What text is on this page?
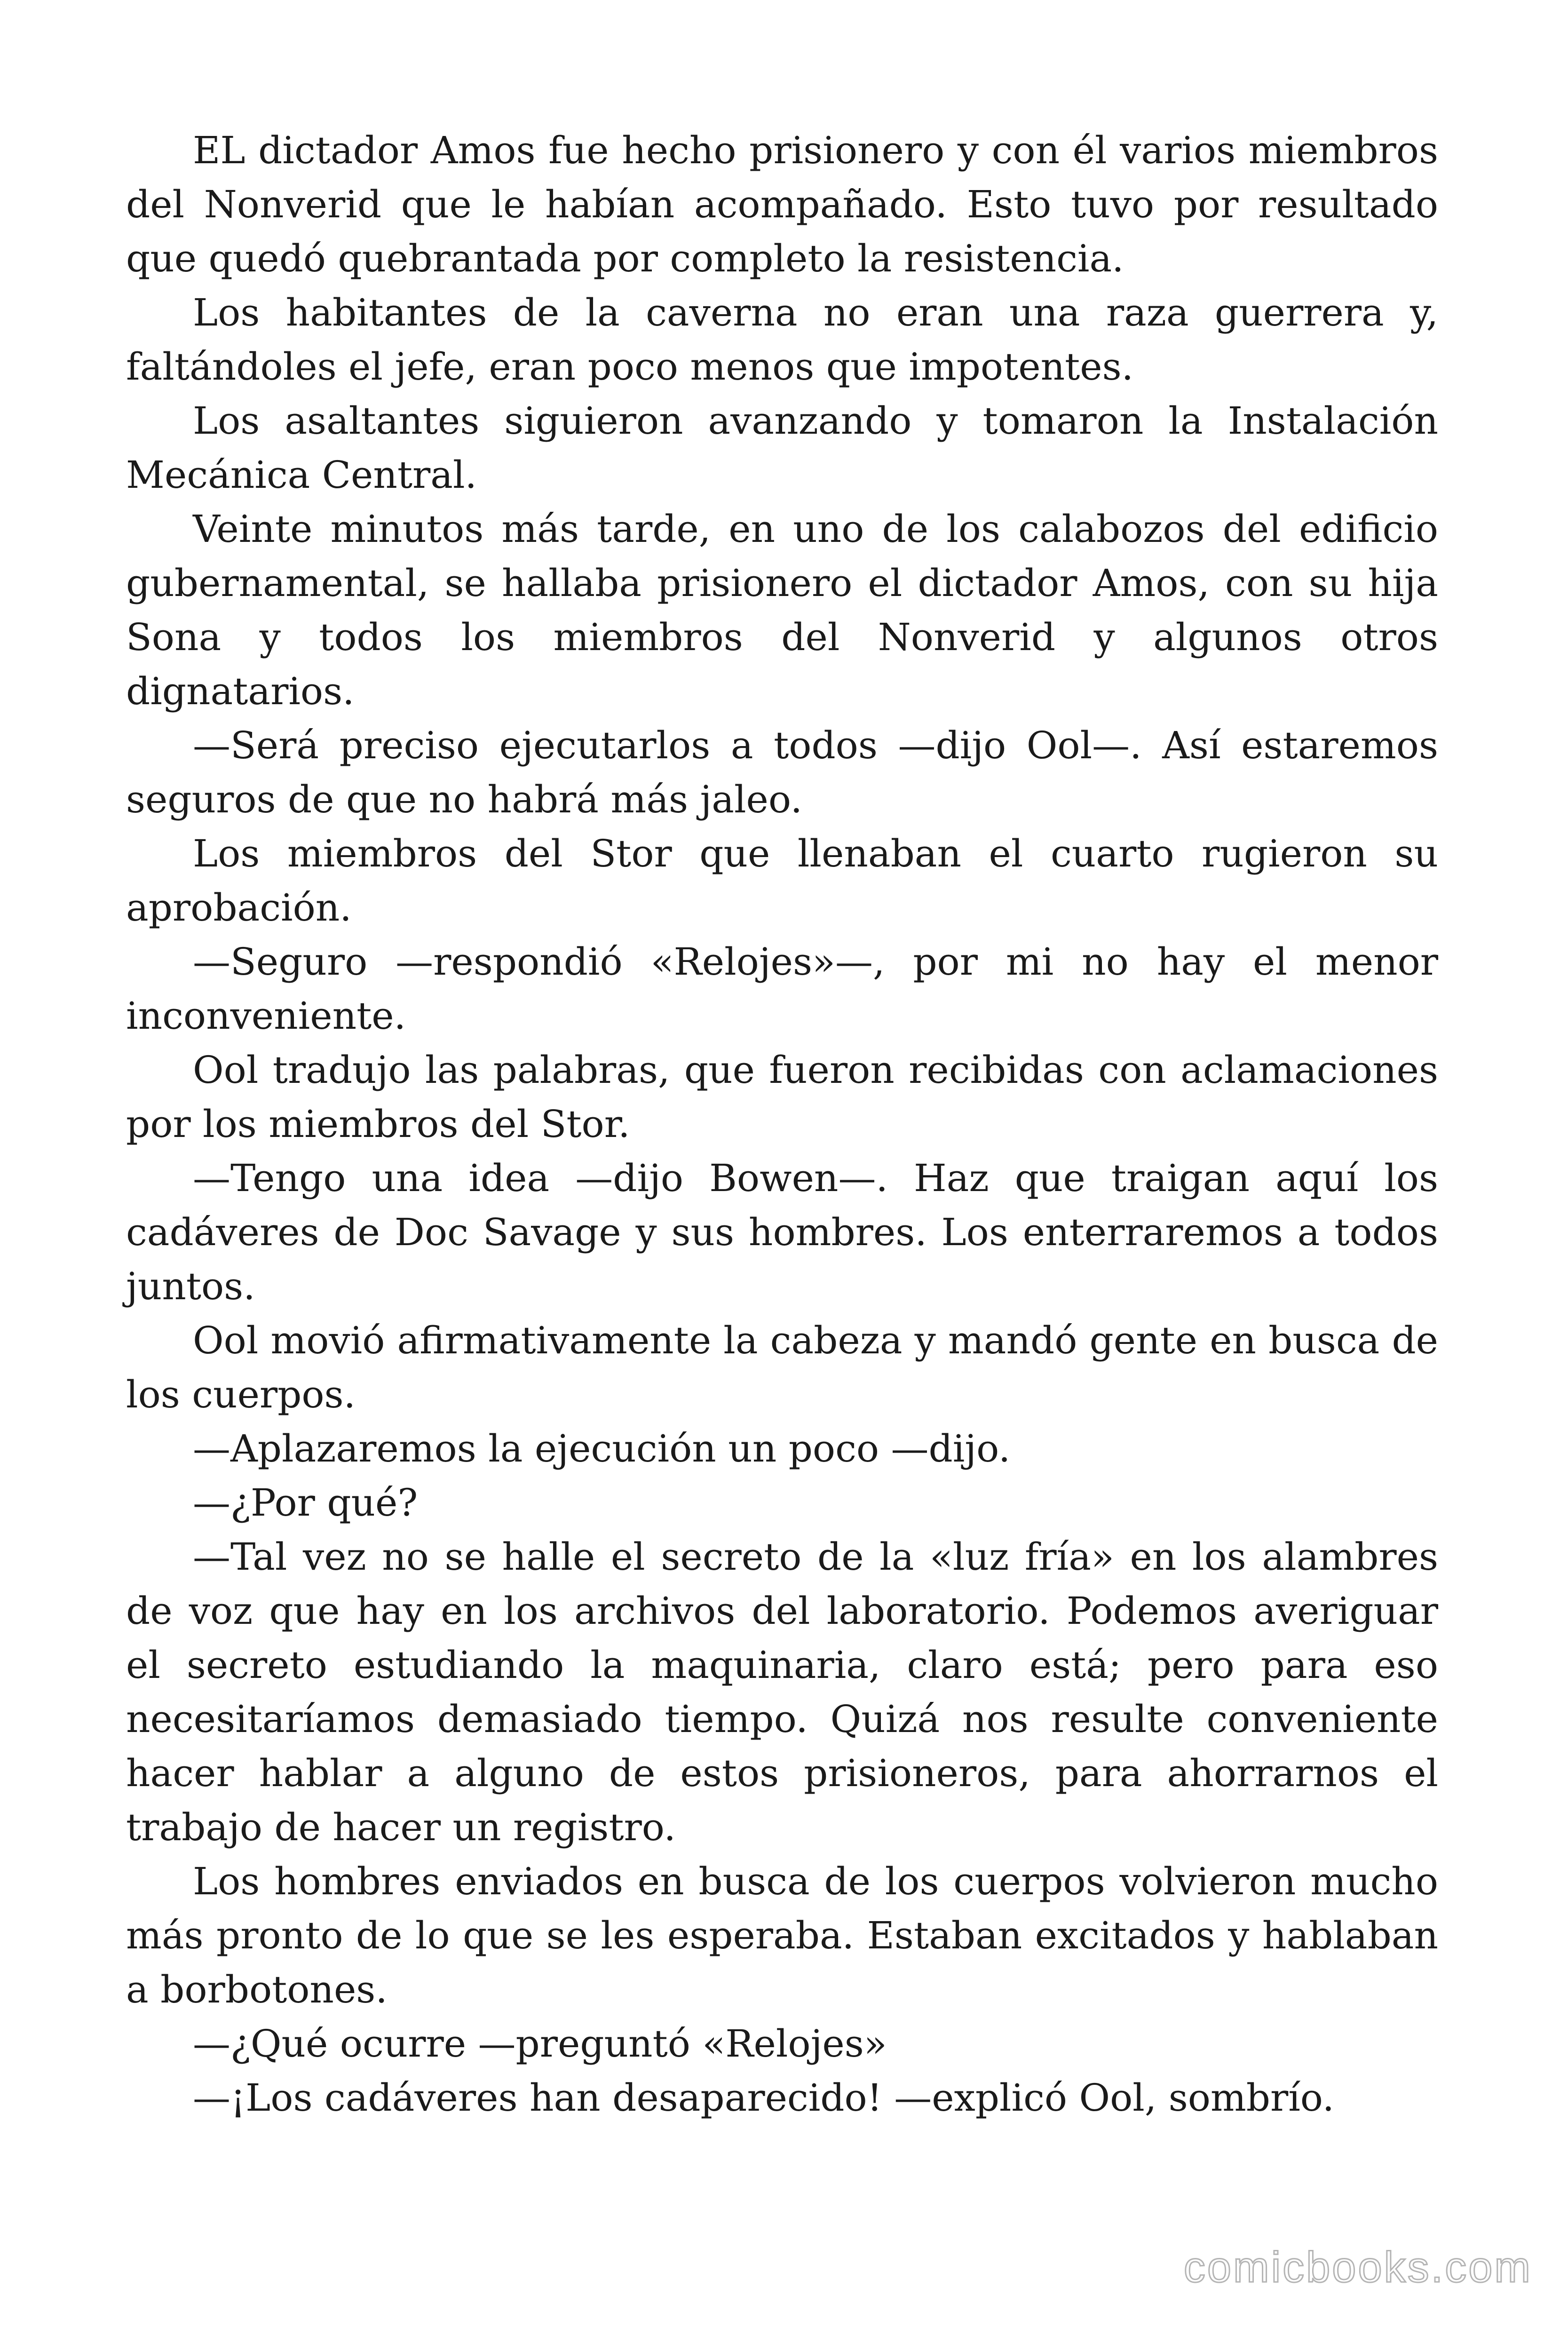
EL dictador Amos fue hecho prisionero y con él varios miembros del Nonverid que le habían acompañado. Esto tuvo por resultado que quedó quebrantada por completo la resistencia.

Los habitantes de la caverna no eran una raza guerrera y, faltándoles el jefe, eran poco menos que impotentes.

Los asaltantes siguieron avanzando y tomaron la Instalación Mecánica Central.

Veinte minutos más tarde, en uno de los calabozos del edificio gubernamental, se hallaba prisionero el dictador Amos, con su hija Sona y todos los miembros del Nonverid y algunos otros dignatarios.

—Será preciso ejecutarlos a todos —dijo Ool—. Así estaremos seguros de que no habrá más jaleo.

Los miembros del Stor que llenaban el cuarto rugieron su aprobación.

—Seguro —respondió «Relojes»—, por mi no hay el menor inconveniente.

Ool tradujo las palabras, que fueron recibidas con aclamaciones por los miembros del Stor.

—Tengo una idea —dijo Bowen—. Haz que traigan aquí los cadáveres de Doc Savage y sus hombres. Los enterraremos a todos juntos.

Ool movió afirmativamente la cabeza y mandó gente en busca de los cuerpos.

—Aplazaremos la ejecución un poco —dijo.

—¿Por qué?

—Tal vez no se halle el secreto de la «luz fría» en los alambres de voz que hay en los archivos del laboratorio. Podemos averiguar el secreto estudiando la maquinaria, claro está; pero para eso necesitaríamos demasiado tiempo. Quizá nos resulte conveniente hacer hablar a alguno de estos prisioneros, para ahorrarnos el trabajo de hacer un registro.

Los hombres enviados en busca de los cuerpos volvieron mucho más pronto de lo que se les esperaba. Estaban excitados y hablaban a borbotones.

—¿Qué ocurre —preguntó «Relojes»

—¡Los cadáveres han desaparecido! —explicó Ool, sombrío.

comicbooks.com
